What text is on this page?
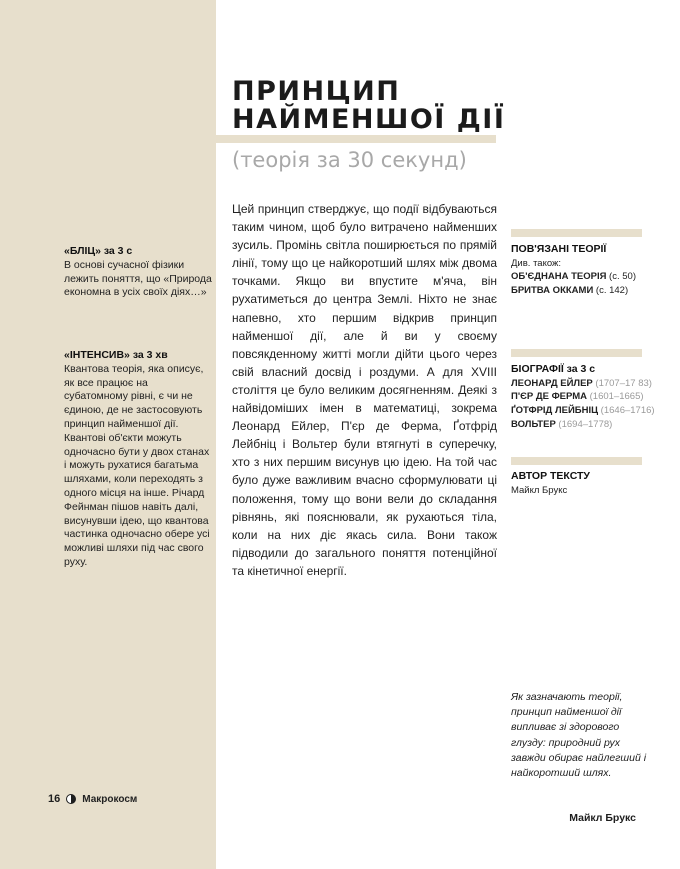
ПРИНЦИП
НАЙМЕНШОЇ ДІЇ
(теорія за 30 секунд)
Цей принцип стверджує, що події відбуваються таким чином, щоб було витрачено найменших зусиль. Промінь світла поширюється по прямій лінії, тому що це найкоротший шлях між двома точками. Якщо ви впустите м'яча, він рухатиметься до центра Землі. Ніхто не знає напевно, хто першим відкрив принцип найменшої дії, але й ви у своєму повсякденному житті могли дійти цього через свій власний досвід і роздуми. А для XVIII століття це було великим досягненням. Деякі з найвідоміших імен в математиці, зокрема Леонард Ейлер, П'єр де Ферма, Ґотфрід Лейбніц і Вольтер були втягнуті в суперечку, хто з них першим висунув цю ідею. На той час було дуже важливим вчасно сформулювати ці положення, тому що вони вели до складання рівнянь, які пояснювали, як рухаються тіла, коли на них діє якась сила. Вони також підводили до загального поняття потенційної та кінетичної енергії.
«БЛІЦ» за 3 с
В основі сучасної фізики лежить поняття, що «Природа економна в усіх своїх діях…»
«ІНТЕНСИВ» за 3 хв
Квантова теорія, яка описує, як все працює на субатомному рівні, є чи не єдиною, де не застосовують принцип найменшої дії. Квантові об'єкти можуть одночасно бути у двох станах і можуть рухатися багатьма шляхами, коли переходять з одного місця на інше. Річард Фейнман пішов навіть далі, висунувши ідею, що квантова частинка одночасно обере усі можливі шляхи під час свого руху.
ПОВ'ЯЗАНІ ТЕОРІЇ
Див. також:
ОБ'ЄДНАНА ТЕОРІЯ (с. 50)
БРИТВА ОККАМИ (с. 142)
БІОГРАФІЇ за 3 с
ЛЕОНАРД ЕЙЛЕР (1707–17 83)
П'ЄР ДЕ ФЕРМА (1601–1665)
ҐОТФРІД ЛЕЙБНІЦ (1646–1716)
ВОЛЬТЕР (1694–1778)
АВТОР ТЕКСТУ
Майкл Брукс
Як зазначають теорії, принцип найменшої дії випливає зі здорового глузду: природний рух завжди обирає найлегший і найкоротший шлях.
Майкл Брукс
16 Макрокосм
